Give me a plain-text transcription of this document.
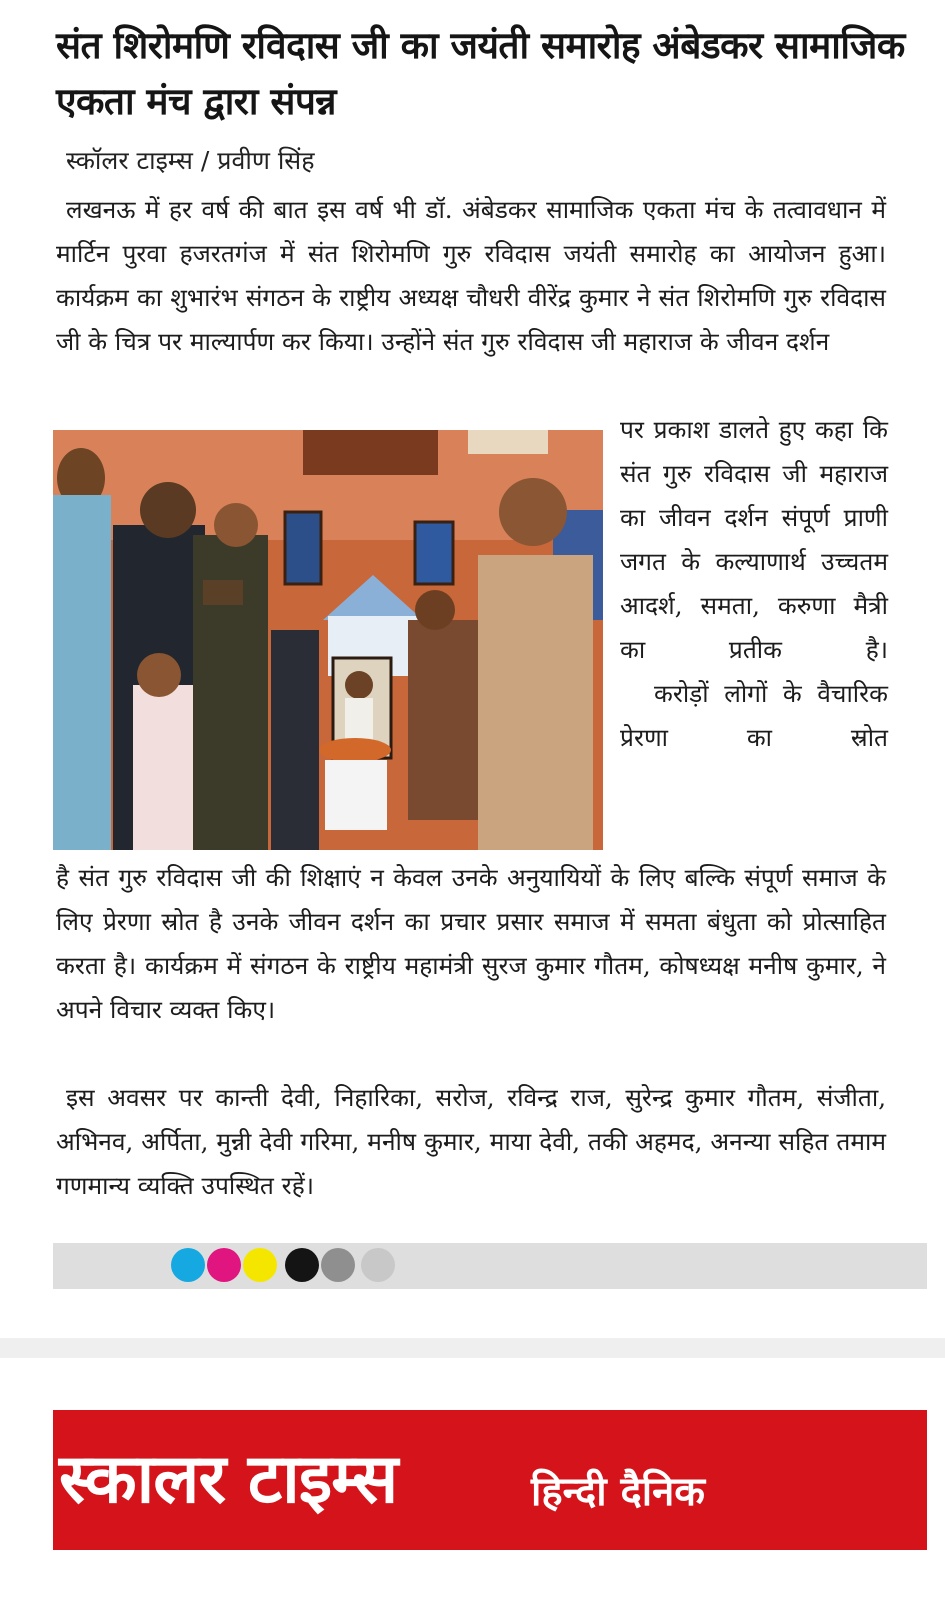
संत शिरोमणि रविदास जी का जयंती समारोह अंबेडकर सामाजिक एकता मंच द्वारा संपन्न
स्कॉलर टाइम्स / प्रवीण सिंह

लखनऊ में हर वर्ष की बात इस वर्ष भी डॉ. अंबेडकर सामाजिक एकता मंच के तत्वावधान में मार्टिन पुरवा हजरतगंज में संत शिरोमणि गुरु रविदास जयंती समारोह का आयोजन हुआ। कार्यक्रम का शुभारंभ संगठन के राष्ट्रीय अध्यक्ष चौधरी वीरेंद्र कुमार ने संत शिरोमणि गुरु रविदास जी के चित्र पर माल्यार्पण कर किया। उन्होंने संत गुरु रविदास जी महाराज के जीवन दर्शन

पर प्रकाश डालते हुए कहा कि संत गुरु रविदास जी महाराज का जीवन दर्शन संपूर्ण प्राणी जगत के कल्याणार्थ उच्चतम आदर्श, समता, करुणा मैत्री का प्रतीक है।

करोड़ों लोगों के वैचारिक प्रेरणा का स्रोत

है संत गुरु रविदास जी की शिक्षाएं न केवल उनके अनुयायियों के लिए बल्कि संपूर्ण समाज के लिए प्रेरणा स्रोत है उनके जीवन दर्शन का प्रचार प्रसार समाज में समता बंधुता को प्रोत्साहित करता है। कार्यक्रम में संगठन के राष्ट्रीय महामंत्री सुरज कुमार गौतम, कोषध्यक्ष मनीष कुमार, ने अपने विचार व्यक्त किए।

इस अवसर पर कान्ती देवी, निहारिका, सरोज, रविन्द्र राज, सुरेन्द्र कुमार गौतम, संजीता, अभिनव, अर्पिता, मुन्नी देवी गरिमा, मनीष कुमार, माया देवी, तकी अहमद, अनन्या सहित तमाम गणमान्य व्यक्ति उपस्थित रहें।

स्कालर टाइम्स	हिन्दी दैनिक
